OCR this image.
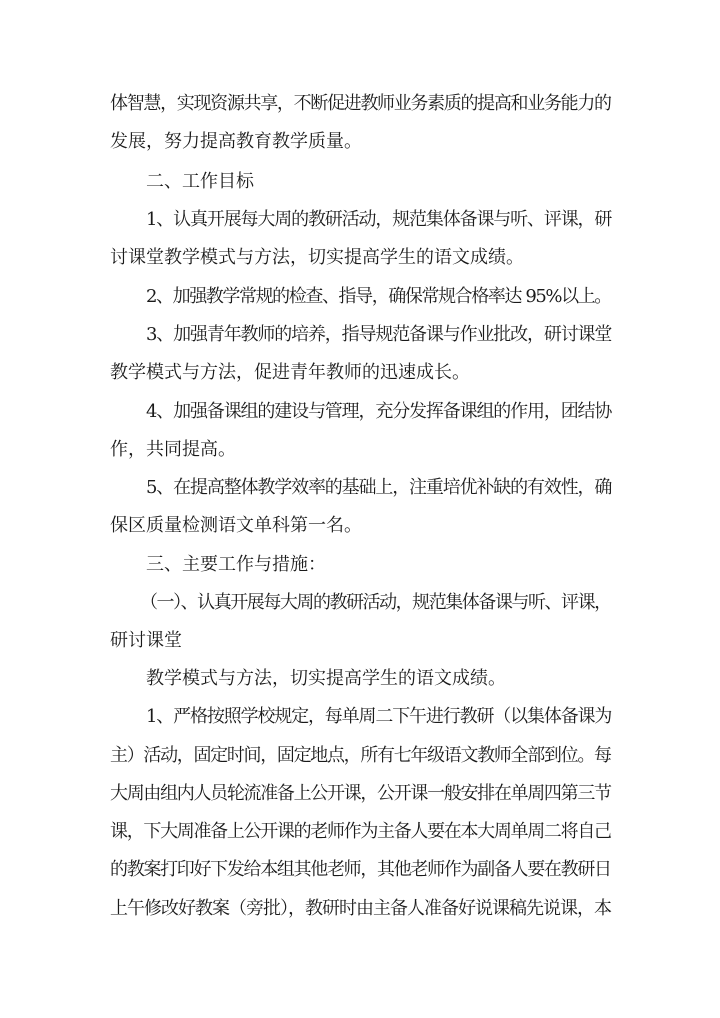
体智慧，实现资源共享，不断促进教师业务素质的提高和业务能力的
发展，努力提高教育教学质量。
二、工作目标
1、认真开展每大周的教研活动，规范集体备课与听、评课，研
讨课堂教学模式与方法，切实提高学生的语文成绩。
2、加强教学常规的检查、指导，确保常规合格率达 95%以上。
3、加强青年教师的培养，指导规范备课与作业批改，研讨课堂
教学模式与方法，促进青年教师的迅速成长。
4、加强备课组的建设与管理，充分发挥备课组的作用，团结协
作，共同提高。
5、在提高整体教学效率的基础上，注重培优补缺的有效性，确
保区质量检测语文单科第一名。
三、主要工作与措施：
（一）、认真开展每大周的教研活动，规范集体备课与听、评课，
研讨课堂
教学模式与方法，切实提高学生的语文成绩。
1、严格按照学校规定，每单周二下午进行教研（以集体备课为
主）活动，固定时间，固定地点，所有七年级语文教师全部到位。每
大周由组内人员轮流准备上公开课，公开课一般安排在单周四第三节
课，下大周准备上公开课的老师作为主备人要在本大周单周二将自己
的教案打印好下发给本组其他老师，其他老师作为副备人要在教研日
上午修改好教案（旁批），教研时由主备人准备好说课稿先说课，本
